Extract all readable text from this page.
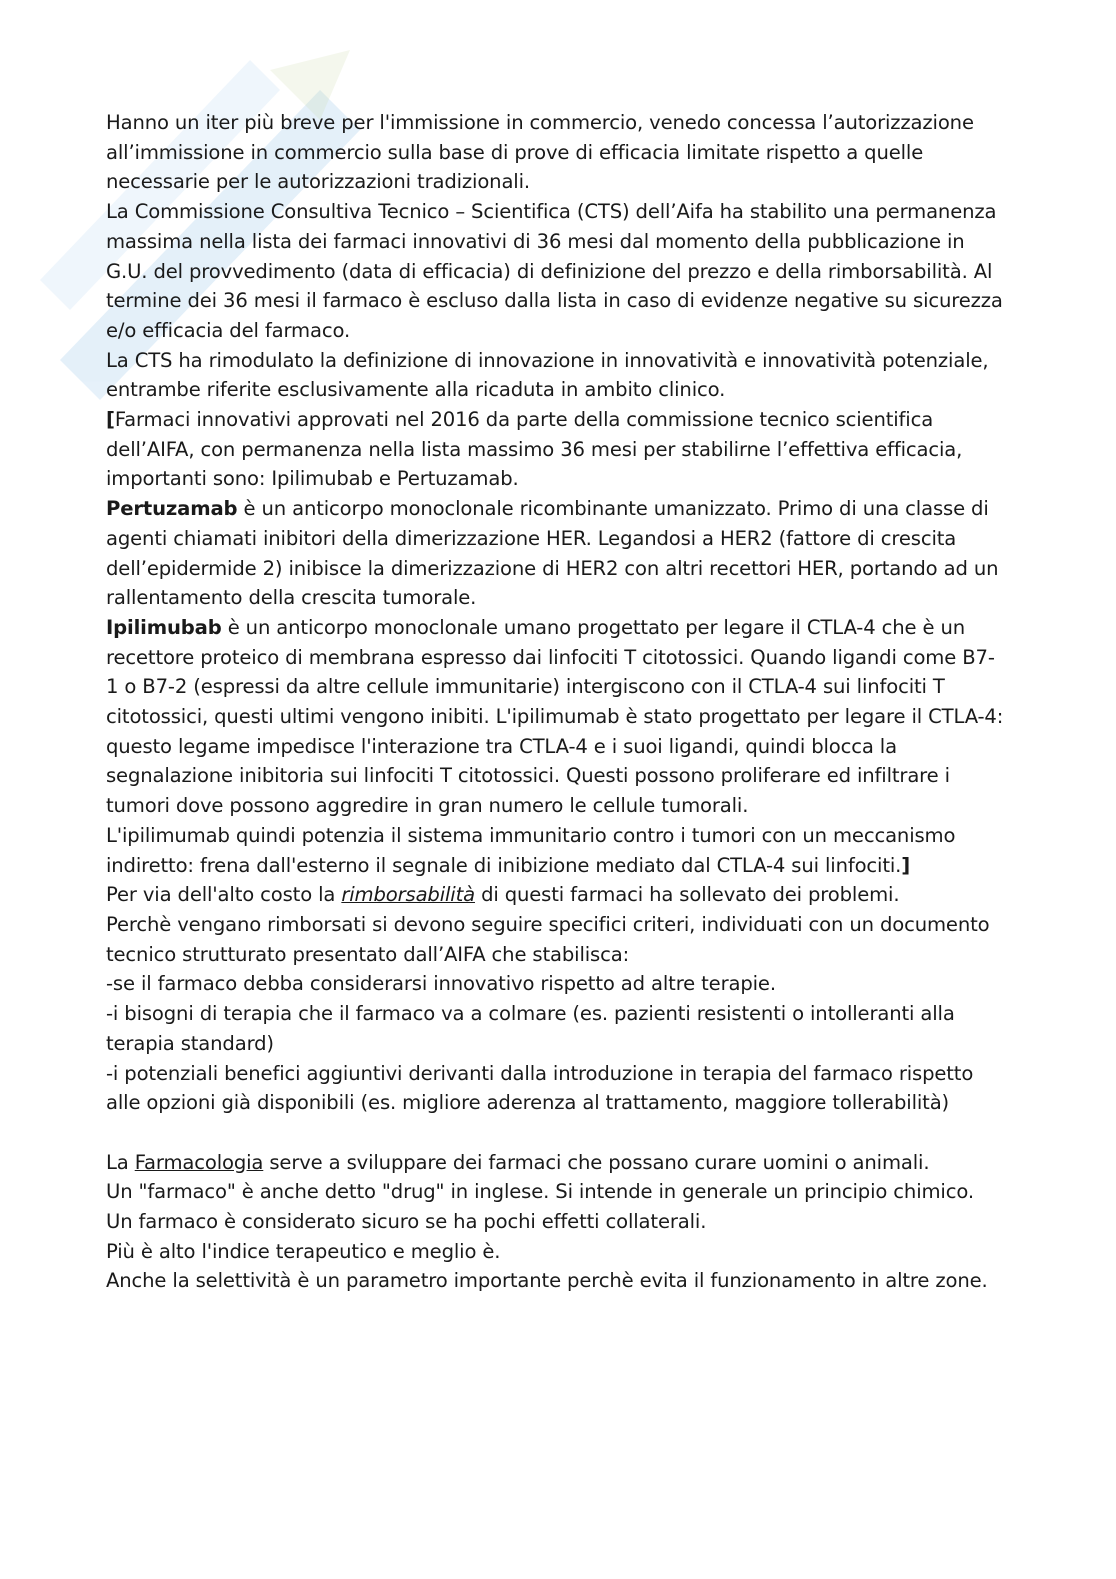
Hanno un iter più breve per l'immissione in commercio, venedo concessa l’autorizzazione all’immissione in commercio sulla base di prove di efficacia limitate rispetto a quelle necessarie per le autorizzazioni tradizionali.

La Commissione Consultiva Tecnico – Scientifica (CTS) dell’Aifa ha stabilito una permanenza massima nella lista dei farmaci innovativi di 36 mesi dal momento della pubblicazione in G.U. del provvedimento (data di efficacia) di definizione del prezzo e della rimborsabilità. Al termine dei 36 mesi il farmaco è escluso dalla lista in caso di evidenze negative su sicurezza e/o efficacia del farmaco.

La CTS ha rimodulato la definizione di innovazione in innovatività e innovatività potenziale, entrambe riferite esclusivamente alla ricaduta in ambito clinico.

[Farmaci innovativi approvati nel 2016 da parte della commissione tecnico scientifica dell’AIFA, con permanenza nella lista massimo 36 mesi per stabilirne l’effettiva efficacia, importanti sono: Ipilimubab e Pertuzamab.

Pertuzamab è un anticorpo monoclonale ricombinante umanizzato. Primo di una classe di agenti chiamati inibitori della dimerizzazione HER. Legandosi a HER2 (fattore di crescita dell’epidermide 2) inibisce la dimerizzazione di HER2 con altri recettori HER, portando ad un rallentamento della crescita tumorale.

Ipilimubab è un anticorpo monoclonale umano progettato per legare il CTLA-4 che è un recettore proteico di membrana espresso dai linfociti T citotossici. Quando ligandi come B7-1 o B7-2 (espressi da altre cellule immunitarie) intergiscono con il CTLA-4 sui linfociti T citotossici, questi ultimi vengono inibiti. L'ipilimumab è stato progettato per legare il CTLA-4: questo legame impedisce l'interazione tra CTLA-4 e i suoi ligandi, quindi blocca la segnalazione inibitoria sui linfociti T citotossici. Questi possono proliferare ed infiltrare i tumori dove possono aggredire in gran numero le cellule tumorali.

L'ipilimumab quindi potenzia il sistema immunitario contro i tumori con un meccanismo indiretto: frena dall'esterno il segnale di inibizione mediato dal CTLA-4 sui linfociti.]

Per via dell'alto costo la rimborsabilità di questi farmaci ha sollevato dei problemi.

Perchè vengano rimborsati si devono seguire specifici criteri, individuati con un documento tecnico strutturato presentato dall’AIFA che stabilisca:

-se il farmaco debba considerarsi innovativo rispetto ad altre terapie.

-i bisogni di terapia che il farmaco va a colmare (es. pazienti resistenti o intolleranti alla terapia standard)

-i potenziali benefici aggiuntivi derivanti dalla introduzione in terapia del farmaco rispetto alle opzioni già disponibili (es. migliore aderenza al trattamento, maggiore tollerabilità)

La Farmacologia serve a sviluppare dei farmaci che possano curare uomini o animali.

Un "farmaco" è anche detto "drug" in inglese. Si intende in generale un principio chimico.

Un farmaco è considerato sicuro se ha pochi effetti collaterali.

Più è alto l'indice terapeutico e meglio è.

Anche la selettività è un parametro importante perchè evita il funzionamento in altre zone.
